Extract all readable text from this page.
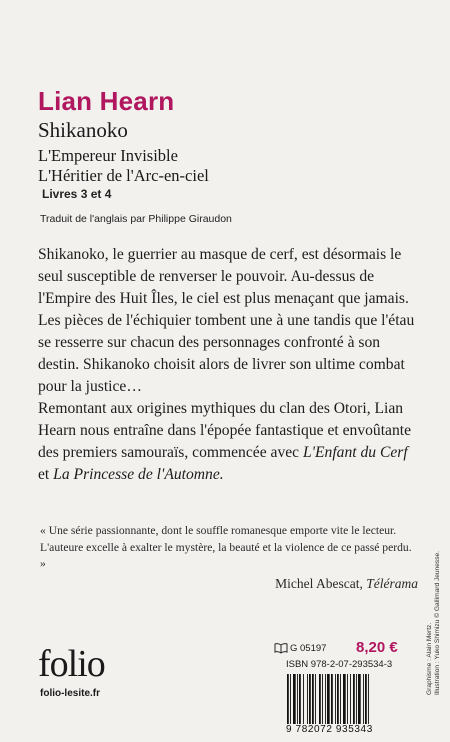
Lian Hearn
Shikanoko
L'Empereur Invisible
L'Héritier de l'Arc-en-ciel
Livres 3 et 4
Traduit de l'anglais par Philippe Giraudon

Shikanoko, le guerrier au masque de cerf, est désormais le seul susceptible de renverser le pouvoir. Au-dessus de l'Empire des Huit Îles, le ciel est plus menaçant que jamais. Les pièces de l'échiquier tombent une à une tandis que l'étau se resserre sur chacun des personnages confronté à son destin. Shikanoko choisit alors de livrer son ultime combat pour la justice…

Remontant aux origines mythiques du clan des Otori, Lian Hearn nous entraîne dans l'épopée fantastique et envoûtante des premiers samouraïs, commencée avec L'Enfant du Cerf et La Princesse de l'Automne.

« Une série passionnante, dont le souffle romanesque emporte vite le lecteur. L'auteure excelle à exalter le mystère, la beauté et la violence de ce passé perdu. »
Michel Abescat, Télérama
Graphisme : Alain Mertz. Illustration : Yuko Shimizu © Gallimard Jeunesse.
folio
folio-lesite.fr
G 05197 8,20 €
ISBN 978-2-07-293534-3
9 782072 935343
